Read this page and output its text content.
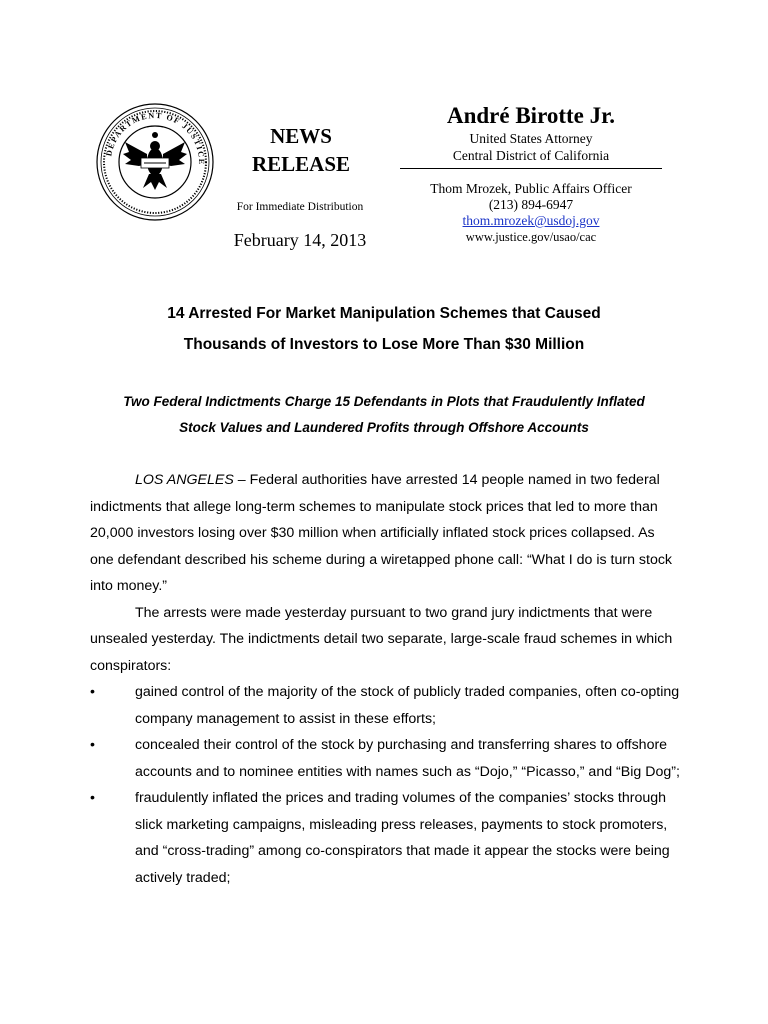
DEPARTMENT OF JUSTICE
NEWS
RELEASE
For Immediate Distribution
February 14, 2013
André Birotte Jr.
United States Attorney
Central District of California
Thom Mrozek, Public Affairs Officer
(213) 894-6947
thom.mrozek@usdoj.gov
www.justice.gov/usao/cac
14 Arrested For Market Manipulation Schemes that Caused
Thousands of Investors to Lose More Than $30 Million
Two Federal Indictments Charge 15 Defendants in Plots that Fraudulently Inflated
Stock Values and Laundered Profits through Offshore Accounts

LOS ANGELES – Federal authorities have arrested 14 people named in two federal indictments that allege long-term schemes to manipulate stock prices that led to more than 20,000 investors losing over $30 million when artificially inflated stock prices collapsed. As one defendant described his scheme during a wiretapped phone call: “What I do is turn stock into money.”

The arrests were made yesterday pursuant to two grand jury indictments that were unsealed yesterday. The indictments detail two separate, large-scale fraud schemes in which conspirators:

•	gained control of the majority of the stock of publicly traded companies, often co-opting company management to assist in these efforts;
•	concealed their control of the stock by purchasing and transferring shares to offshore accounts and to nominee entities with names such as “Dojo,” “Picasso,” and “Big Dog”;
•	fraudulently inflated the prices and trading volumes of the companies’ stocks through slick marketing campaigns, misleading press releases, payments to stock promoters, and “cross-trading” among co-conspirators that made it appear the stocks were being actively traded;
